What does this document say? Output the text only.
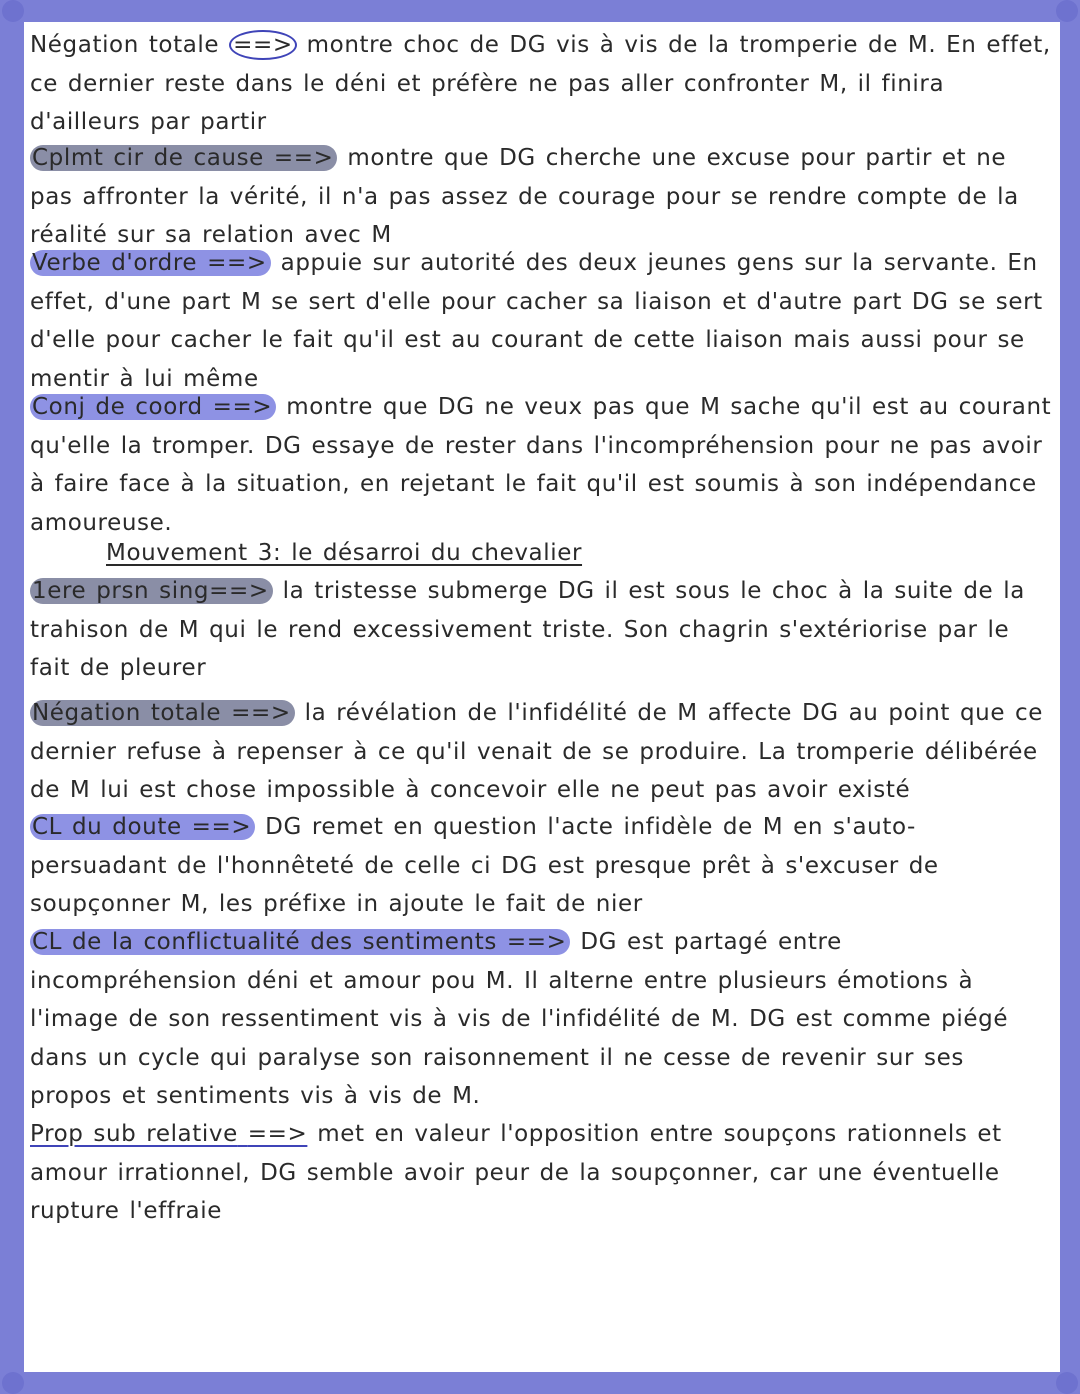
Négation totale ==> montre choc de DG vis à vis de la tromperie de M. En effet, ce dernier reste dans le déni et préfère ne pas aller confronter M, il finira d'ailleurs par partir
Cplmt cir de cause ==> montre que DG cherche une excuse pour partir et ne pas affronter la vérité, il n'a pas assez de courage pour se rendre compte de la réalité sur sa relation avec M
Verbe d'ordre ==> appuie sur autorité des deux jeunes gens sur la servante. En effet, d'une part M se sert d'elle pour cacher sa liaison et d'autre part DG se sert d'elle pour cacher le fait qu'il est au courant de cette liaison mais aussi pour se mentir à lui même
Conj de coord ==> montre que DG ne veux pas que M sache qu'il est au courant qu'elle la tromper. DG essaye de rester dans l'incompréhension pour ne pas avoir à faire face à la situation, en rejetant le fait qu'il est soumis à son indépendance amoureuse.
Mouvement 3: le désarroi du chevalier
1ere prsn sing==> la tristesse submerge DG il est sous le choc à la suite de la trahison de M qui le rend excessivement triste. Son chagrin s'extériorise par le fait de pleurer
Négation totale ==> la révélation de l'infidélité de M affecte DG au point que ce dernier refuse à repenser à ce qu'il venait de se produire. La tromperie délibérée de M lui est chose impossible à concevoir elle ne peut pas avoir existé
CL du doute ==> DG remet en question l'acte infidèle de M en s'auto-persuadant de l'honnêteté de celle ci DG est presque prêt à s'excuser de soupçonner M, les préfixe in ajoute le fait de nier
CL de la conflictualité des sentiments ==> DG est partagé entre incompréhension déni et amour pou M. Il alterne entre plusieurs émotions à l'image de son ressentiment vis à vis de l'infidélité de M. DG est comme piégé dans un cycle qui paralyse son raisonnement il ne cesse de revenir sur ses propos et sentiments vis à vis de M.
Prop sub relative ==> met en valeur l'opposition entre soupçons rationnels et amour irrationnel, DG semble avoir peur de la soupçonner, car une éventuelle rupture l'effraie
